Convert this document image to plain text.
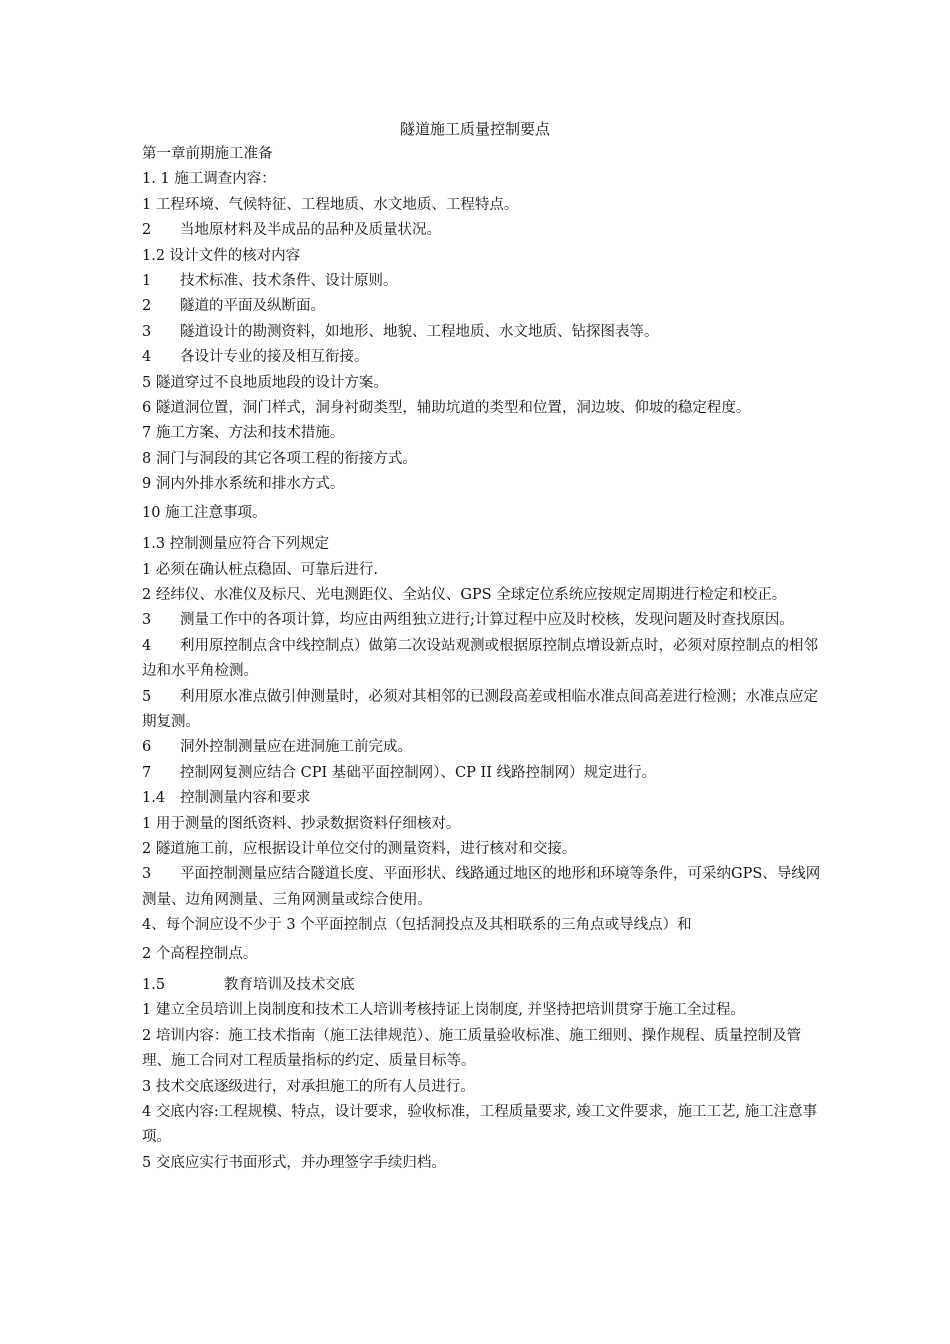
隧道施工质量控制要点
第一章前期施工准备
1. 1 施工调查内容：
1 工程环境、气候特征、工程地质、水文地质、工程特点。
2 当地原材料及半成品的品种及质量状况。
1.2 设计文件的核对内容
1 技术标准、技术条件、设计原则。
2 隧道的平面及纵断面。
3 隧道设计的勘测资料，如地形、地貌、工程地质、水文地质、钻探图表等。
4 各设计专业的接及相互衔接。
5 隧道穿过不良地质地段的设计方案。
6 隧道洞位置，洞门样式，洞身衬砌类型，辅助坑道的类型和位置，洞边坡、仰坡的稳定程度。
7 施工方案、方法和技术措施。
8 洞门与洞段的其它各项工程的衔接方式。
9 洞内外排水系统和排水方式。
10 施工注意事项。
1.3 控制测量应符合下列规定
1 必须在确认桩点稳固、可靠后进行.
2 经纬仪、水准仪及标尺、光电测距仪、全站仪、GPS 全球定位系统应按规定周期进行检定和校正。
3 测量工作中的各项计算，均应由两组独立进行;计算过程中应及时校核，发现问题及时查找原因。
4 利用原控制点含中线控制点）做第二次设站观测或根据原控制点增设新点时，必须对原控制点的相邻边和水平角检测。
5 利用原水准点做引伸测量时，必须对其相邻的已测段高差或相临水准点间高差进行检测；水准点应定期复测。
6 洞外控制测量应在进洞施工前完成。
7 控制网复测应结合 CPI 基础平面控制网）、CP II 线路控制网）规定进行。
1.4 控制测量内容和要求
1 用于测量的图纸资料、抄录数据资料仔细核对。
2 隧道施工前，应根据设计单位交付的测量资料，进行核对和交接。
3 平面控制测量应结合隧道长度、平面形状、线路通过地区的地形和环境等条件，可采纳GPS、导线网测量、边角网测量、三角网测量或综合使用。
4、每个洞应设不少于 3 个平面控制点（包括洞投点及其相联系的三角点或导线点）和
2 个高程控制点。
1.5	教育培训及技术交底
1 建立全员培训上岗制度和技术工人培训考核持证上岗制度, 并坚持把培训贯穿于施工全过程。
2 培训内容：施工技术指南（施工法律规范）、施工质量验收标准、施工细则、操作规程、质量控制及管理、施工合同对工程质量指标的约定、质量目标等。
3 技术交底逐级进行，对承担施工的所有人员进行。
4 交底内容:工程规模、特点，设计要求，验收标准，工程质量要求, 竣工文件要求，施工工艺, 施工注意事项。
5 交底应实行书面形式，并办理签字手续归档。
